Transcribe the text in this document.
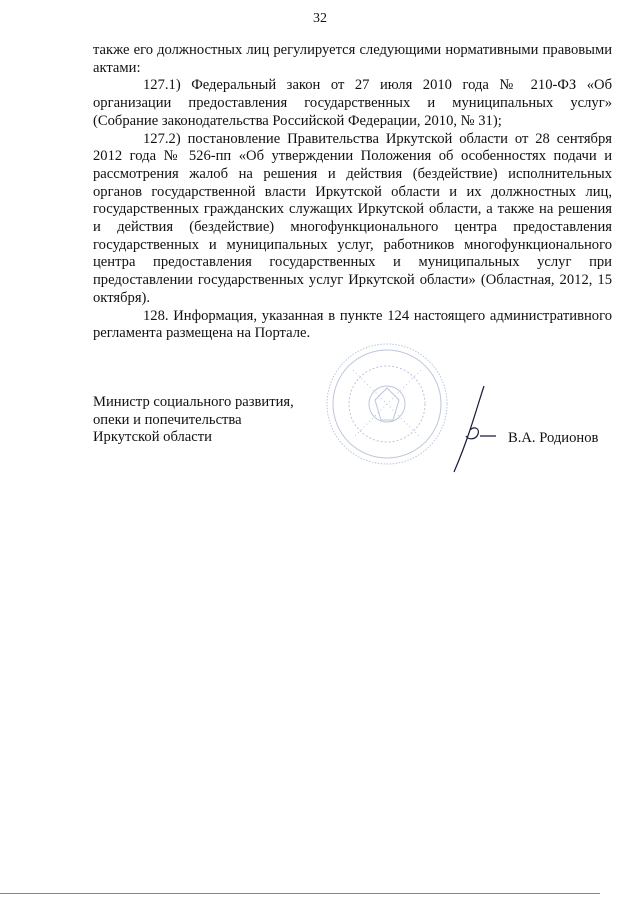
32

также его должностных лиц регулируется следующими нормативными правовыми актами:

127.1) Федеральный закон от 27 июля 2010 года № 210-ФЗ «Об организации предоставления государственных и муниципальных услуг» (Собрание законодательства Российской Федерации, 2010, № 31);

127.2) постановление Правительства Иркутской области от 28 сентября 2012 года № 526-пп «Об утверждении Положения об особенностях подачи и рассмотрения жалоб на решения и действия (бездействие) исполнительных органов государственной власти Иркутской области и их должностных лиц, государственных гражданских служащих Иркутской области, а также на решения и действия (бездействие) многофункционального центра предоставления государственных и муниципальных услуг, работников многофункционального центра предоставления государственных и муниципальных услуг при предоставлении государственных услуг Иркутской области» (Областная, 2012, 15 октября).

128. Информация, указанная в пункте 124 настоящего административного регламента размещена на Портале.

Министр социального развития,
опеки и попечительства
Иркутской области	В.А. Родионов
